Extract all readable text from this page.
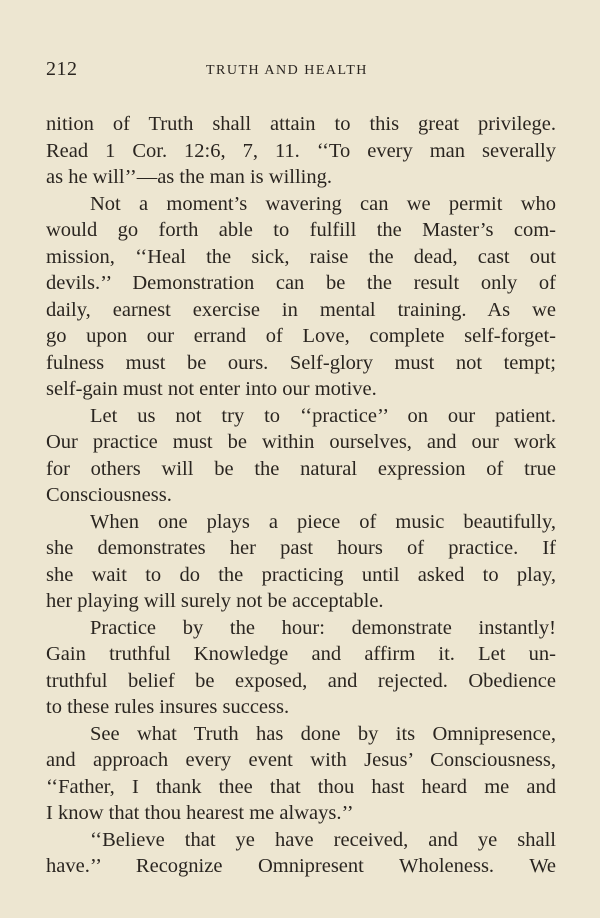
212	TRUTH AND HEALTH
nition of Truth shall attain to this great privilege.
Read 1 Cor. 12:6, 7, 11. ‘‘To every man severally
as he will’’—as the man is willing.
Not a moment’s wavering can we permit who
would go forth able to fulfill the Master’s com-
mission, ‘‘Heal the sick, raise the dead, cast out
devils.’’ Demonstration can be the result only of
daily, earnest exercise in mental training. As we
go upon our errand of Love, complete self-forget-
fulness must be ours. Self-glory must not tempt;
self-gain must not enter into our motive.
Let us not try to ‘‘practice’’ on our patient.
Our practice must be within ourselves, and our work
for others will be the natural expression of true
Consciousness.
When one plays a piece of music beautifully,
she demonstrates her past hours of practice. If
she wait to do the practicing until asked to play,
her playing will surely not be acceptable.
Practice by the hour: demonstrate instantly!
Gain truthful Knowledge and affirm it. Let un-
truthful belief be exposed, and rejected. Obedience
to these rules insures success.
See what Truth has done by its Omnipresence,
and approach every event with Jesus’ Consciousness,
‘‘Father, I thank thee that thou hast heard me and
I know that thou hearest me always.’’
‘‘Believe that ye have received, and ye shall
have.’’ Recognize Omnipresent Wholeness. We
